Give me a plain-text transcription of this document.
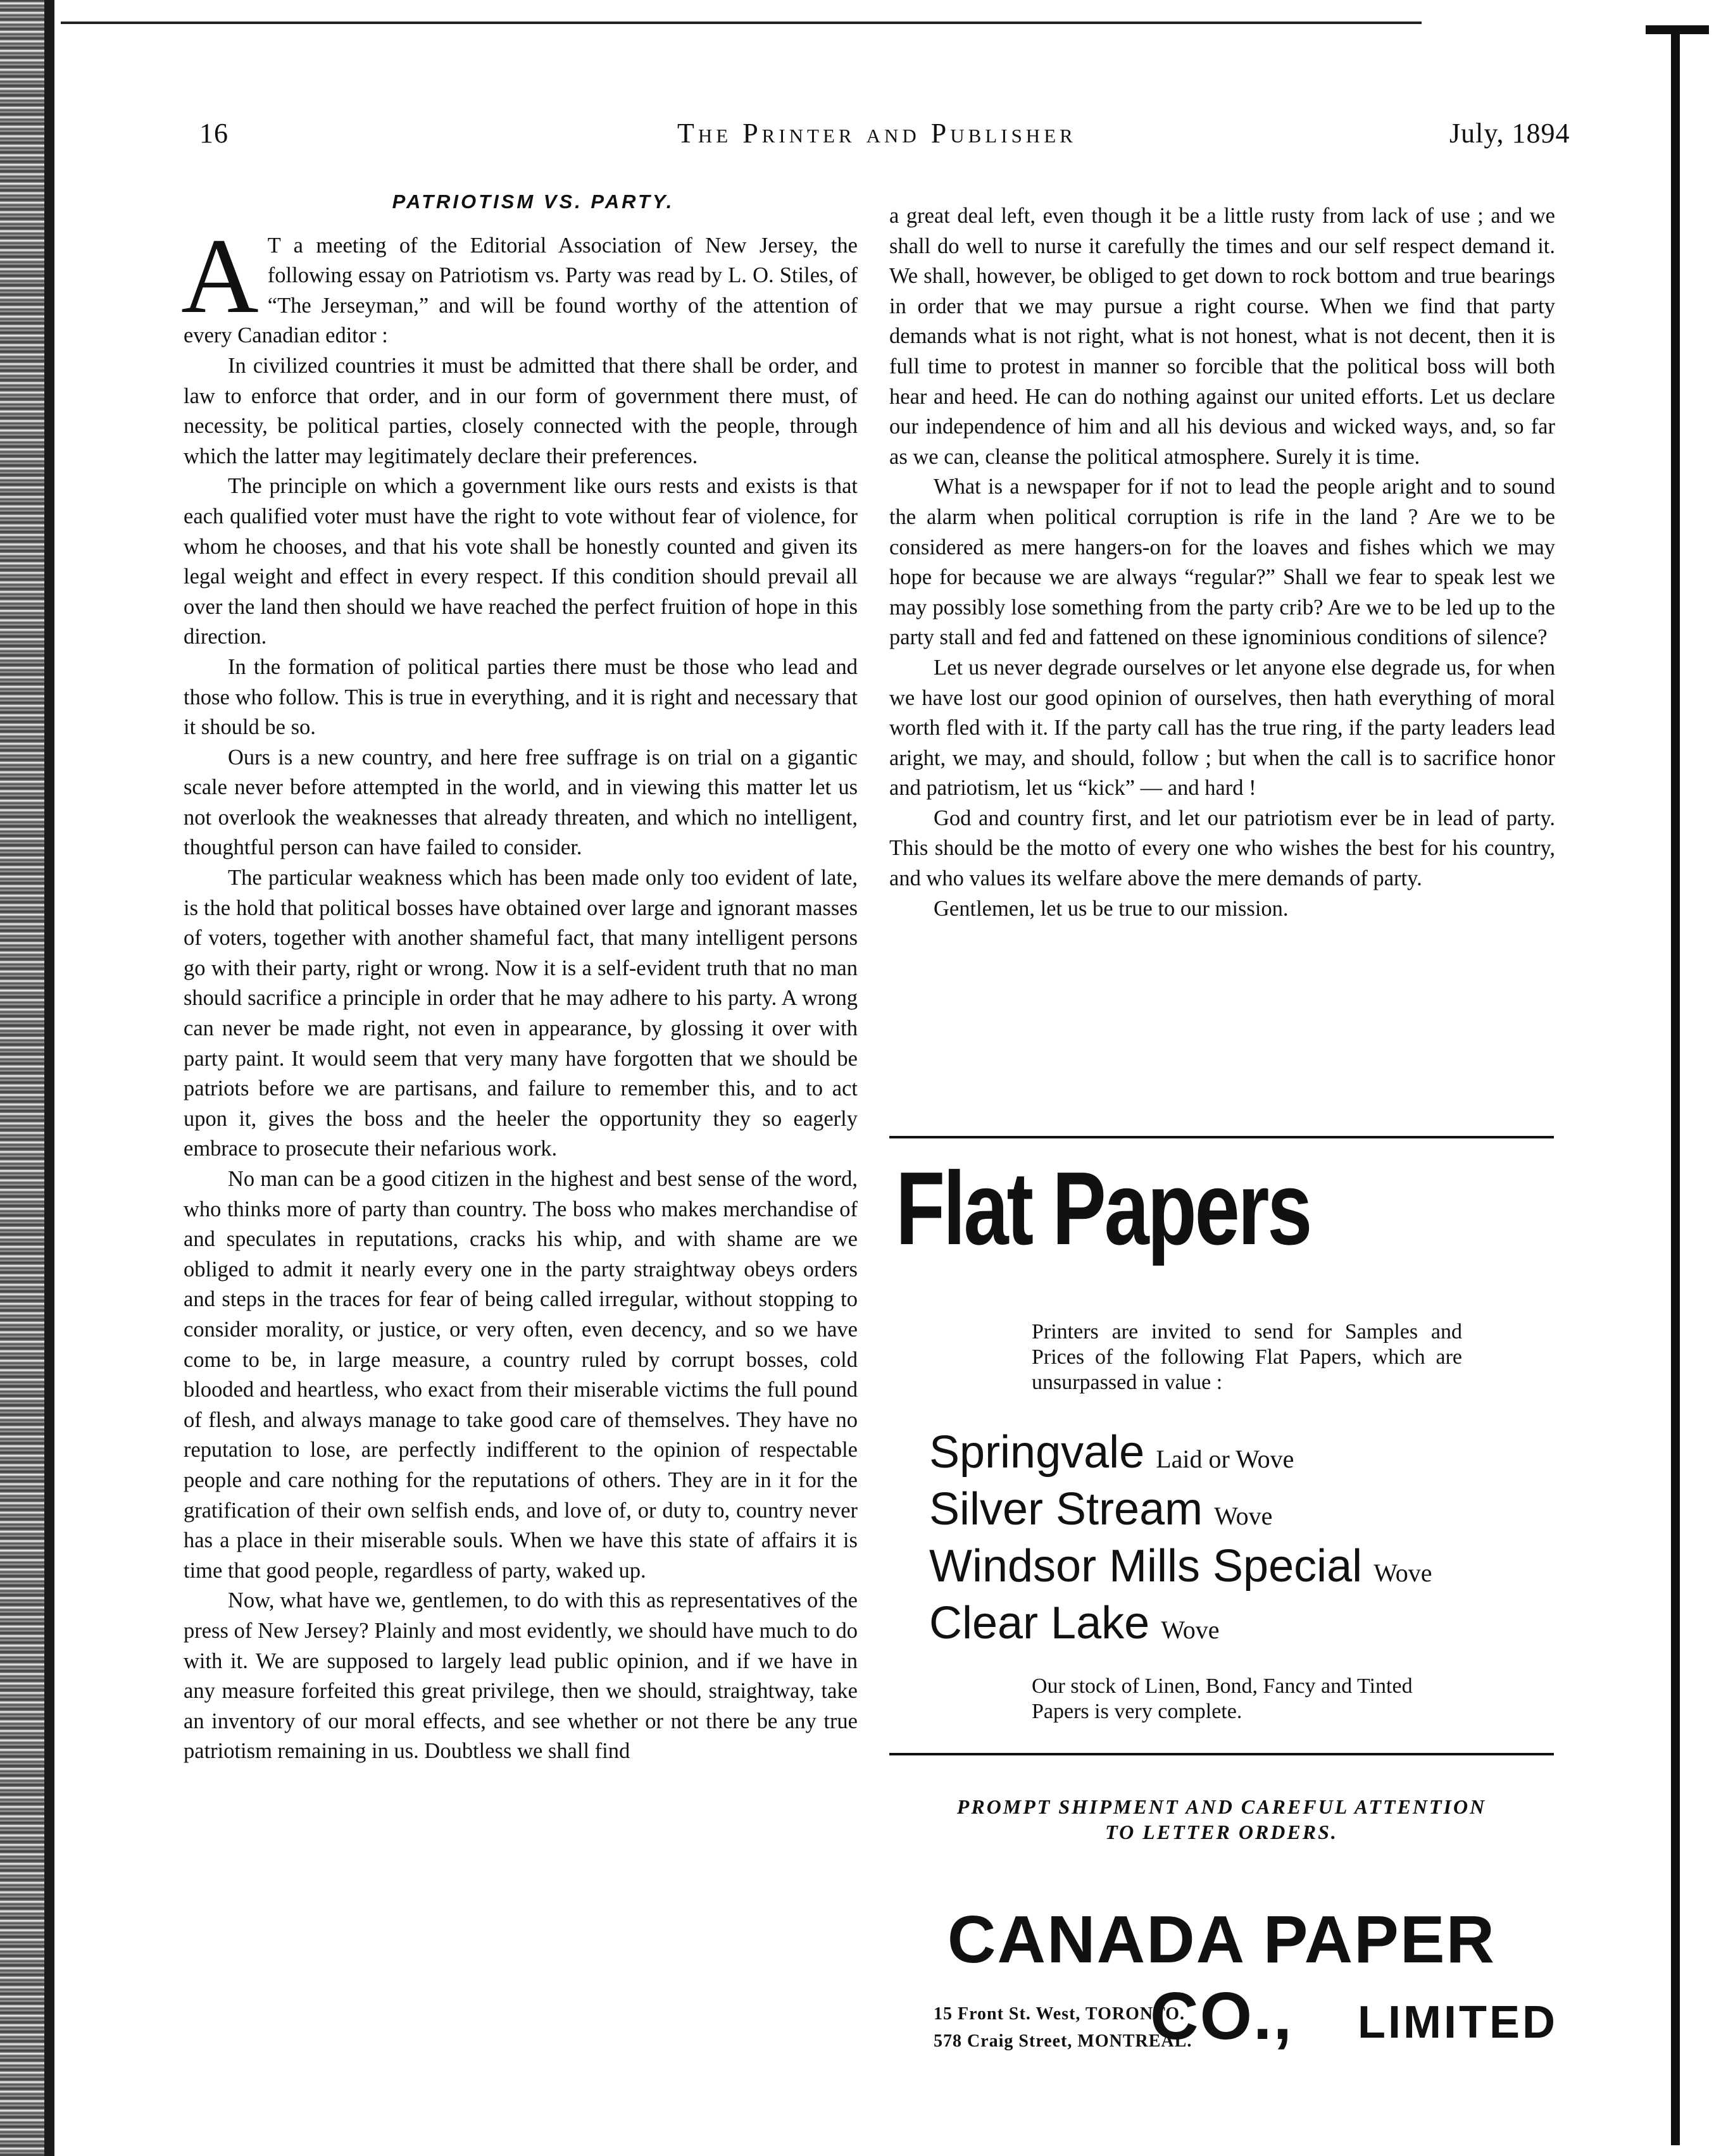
16	The Printer and Publisher	July, 1894
PATRIOTISM VS. PARTY.

A T a meeting of the Editorial Association of New Jersey, the following essay on Patriotism vs. Party was read by L. O. Stiles, of “The Jerseyman,” and will be found worthy of the attention of every Canadian editor :

In civilized countries it must be admitted that there shall be order, and law to enforce that order, and in our form of government there must, of necessity, be political parties, closely connected with the people, through which the latter may legitimately declare their preferences.

The principle on which a government like ours rests and exists is that each qualified voter must have the right to vote without fear of violence, for whom he chooses, and that his vote shall be honestly counted and given its legal weight and effect in every respect. If this condition should prevail all over the land then should we have reached the perfect fruition of hope in this direction.

In the formation of political parties there must be those who lead and those who follow. This is true in everything, and it is right and necessary that it should be so.

Ours is a new country, and here free suffrage is on trial on a gigantic scale never before attempted in the world, and in viewing this matter let us not overlook the weaknesses that already threaten, and which no intelligent, thoughtful person can have failed to consider.

The particular weakness which has been made only too evident of late, is the hold that political bosses have obtained over large and ignorant masses of voters, together with another shameful fact, that many intelligent persons go with their party, right or wrong. Now it is a self-evident truth that no man should sacrifice a principle in order that he may adhere to his party. A wrong can never be made right, not even in appearance, by glossing it over with party paint. It would seem that very many have forgotten that we should be patriots before we are partisans, and failure to remember this, and to act upon it, gives the boss and the heeler the opportunity they so eagerly embrace to prosecute their nefarious work.

No man can be a good citizen in the highest and best sense of the word, who thinks more of party than country. The boss who makes merchandise of and speculates in reputations, cracks his whip, and with shame are we obliged to admit it nearly every one in the party straightway obeys orders and steps in the traces for fear of being called irregular, without stopping to consider morality, or justice, or very often, even decency, and so we have come to be, in large measure, a country ruled by corrupt bosses, cold blooded and heartless, who exact from their miserable victims the full pound of flesh, and always manage to take good care of themselves. They have no reputation to lose, are perfectly indifferent to the opinion of respectable people and care nothing for the reputations of others. They are in it for the gratification of their own selfish ends, and love of, or duty to, country never has a place in their miserable souls. When we have this state of affairs it is time that good people, regardless of party, waked up.

Now, what have we, gentlemen, to do with this as representatives of the press of New Jersey? Plainly and most evidently, we should have much to do with it. We are supposed to largely lead public opinion, and if we have in any measure forfeited this great privilege, then we should, straightway, take an inventory of our moral effects, and see whether or not there be any true patriotism remaining in us. Doubtless we shall find

a great deal left, even though it be a little rusty from lack of use ; and we shall do well to nurse it carefully the times and our self respect demand it. We shall, however, be obliged to get down to rock bottom and true bearings in order that we may pursue a right course. When we find that party demands what is not right, what is not honest, what is not decent, then it is full time to protest in manner so forcible that the political boss will both hear and heed. He can do nothing against our united efforts. Let us declare our independence of him and all his devious and wicked ways, and, so far as we can, cleanse the political atmosphere. Surely it is time.

What is a newspaper for if not to lead the people aright and to sound the alarm when political corruption is rife in the land ? Are we to be considered as mere hangers-on for the loaves and fishes which we may hope for because we are always “regular?” Shall we fear to speak lest we may possibly lose something from the party crib? Are we to be led up to the party stall and fed and fattened on these ignominious conditions of silence?

Let us never degrade ourselves or let anyone else degrade us, for when we have lost our good opinion of ourselves, then hath everything of moral worth fled with it. If the party call has the true ring, if the party leaders lead aright, we may, and should, follow ; but when the call is to sacrifice honor and patriotism, let us “kick” — and hard !

God and country first, and let our patriotism ever be in lead of party. This should be the motto of every one who wishes the best for his country, and who values its welfare above the mere demands of party.

Gentlemen, let us be true to our mission.

Flat Papers
Printers are invited to send for Samples and Prices of the following Flat Papers, which are unsurpassed in value :
Springvale Laid or Wove
Silver Stream Wove
Windsor Mills Special Wove
Clear Lake Wove
Our stock of Linen, Bond, Fancy and Tinted Papers is very complete.
PROMPT SHIPMENT AND CAREFUL ATTENTION
TO LETTER ORDERS.
CANADA PAPER CO.,
15 Front St. West, TORONTO.
578 Craig Street, MONTREAL.	LIMITED
